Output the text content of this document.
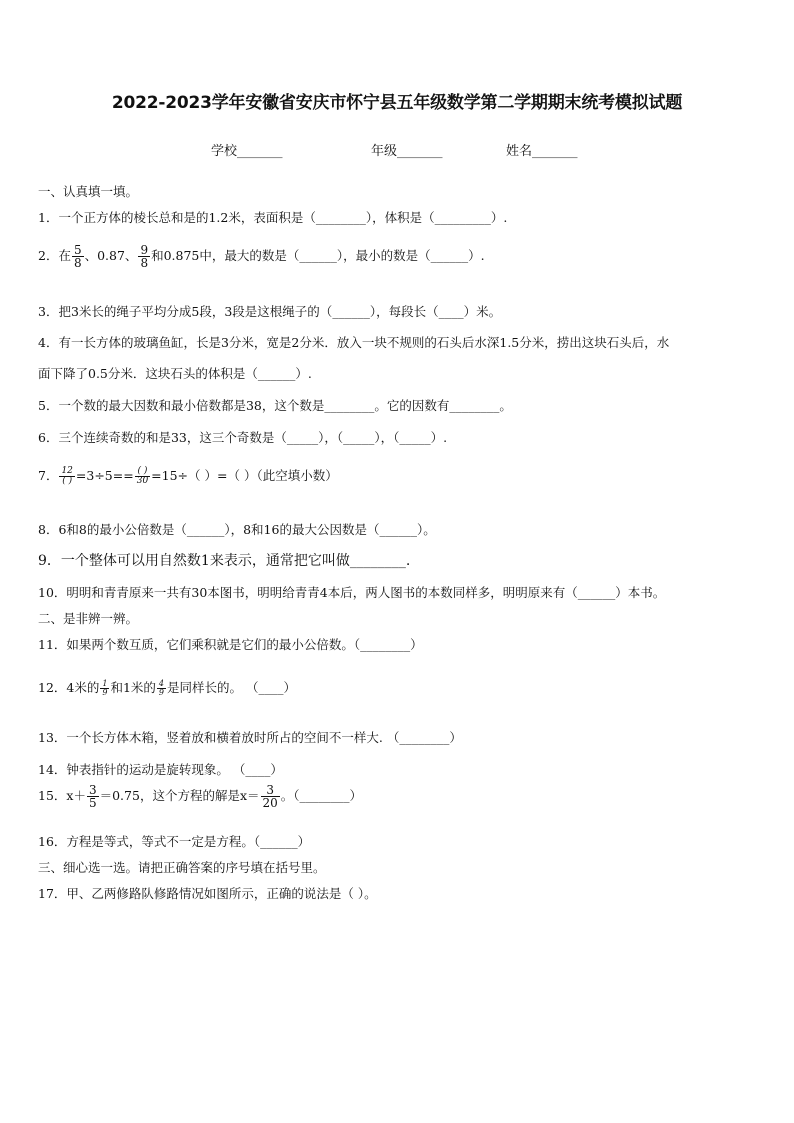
2022-2023学年安徽省安庆市怀宁县五年级数学第二学期期末统考模拟试题
学校_______	年级_______	姓名_______
一、认真填一填。
1．一个正方体的棱长总和是的1.2米，表面积是（________），体积是（_________）.
2．在 $\frac{5}{8}$ 、0.87、 $\frac{9}{8}$ 和0.875中，最大的数是（______），最小的数是（______）.
3．把3米长的绳子平均分成5段，3段是这根绳子的（______），每段长（____）米。
4．有一长方体的玻璃鱼缸，长是3分米，宽是2分米．放入一块不规则的石头后水深1.5分米，捞出这块石头后，水
面下降了0.5分米．这块石头的体积是（______）.
5．一个数的最大因数和最小倍数都是38，这个数是________。它的因数有________。
6．三个连续奇数的和是33，这三个奇数是（_____），（_____），（_____）.
7． $\frac{12}{( )} =3\div 5== \frac{( )}{30} =15\div$（ ）=（ ）（此空填小数）
8．6和8的最小公倍数是（______），8和16的最大公因数是（______）。
9．一个整体可以用自然数1来表示，通常把它叫做________.
10．明明和青青原来一共有30本图书，明明给青青4本后，两人图书的本数同样多，明明原来有（______）本书。
二、是非辨一辨。
11．如果两个数互质，它们乘积就是它们的最小公倍数。（________）
12．4米的 $\frac{1}{9}$ 和1米的 $\frac{4}{9}$ 是同样长的。 （____）
13．一个长方体木箱，竖着放和横着放时所占的空间不一样大. （________）
14．钟表指针的运动是旋转现象。 （____）
15．$x+ \frac{3}{5} =0.75$，这个方程的解是$x= \frac{3}{20}$ 。（________）
16．方程是等式，等式不一定是方程。（______）
三、细心选一选。请把正确答案的序号填在括号里。
17．甲、乙两修路队修路情况如图所示，正确的说法是（ ）。
